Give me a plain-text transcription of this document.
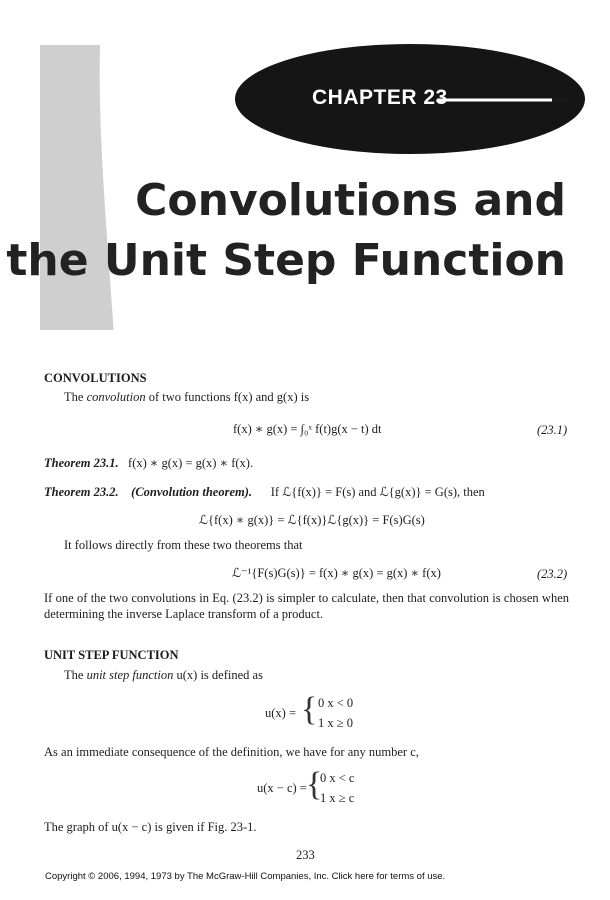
CHAPTER 23
Convolutions and
the Unit Step Function
CONVOLUTIONS
The convolution of two functions f(x) and g(x) is
f(x) ∗ g(x) = ∫₀ˣ f(t)g(x − t) dt	(23.1)
Theorem 23.1. f(x) ∗ g(x) = g(x) ∗ f(x).
Theorem 23.2. (Convolution theorem). If ℒ{f(x)} = F(s) and ℒ{g(x)} = G(s), then
ℒ{f(x) ∗ g(x)} = ℒ{f(x)}ℒ{g(x)} = F(s)G(s)
It follows directly from these two theorems that
ℒ⁻¹{F(s)G(s)} = f(x) ∗ g(x) = g(x) ∗ f(x)	(23.2)
If one of the two convolutions in Eq. (23.2) is simpler to calculate, then that convolution is chosen when
determining the inverse Laplace transform of a product.
UNIT STEP FUNCTION
The unit step function u(x) is defined as
u(x) = { 0 x < 0
1 x ≥ 0
As an immediate consequence of the definition, we have for any number c,
u(x − c) = {
0 x < c
1 x ≥ c
The graph of u(x − c) is given if Fig. 23-1.
233
Copyright © 2006, 1994, 1973 by The McGraw-Hill Companies, Inc. Click here for terms of use.
